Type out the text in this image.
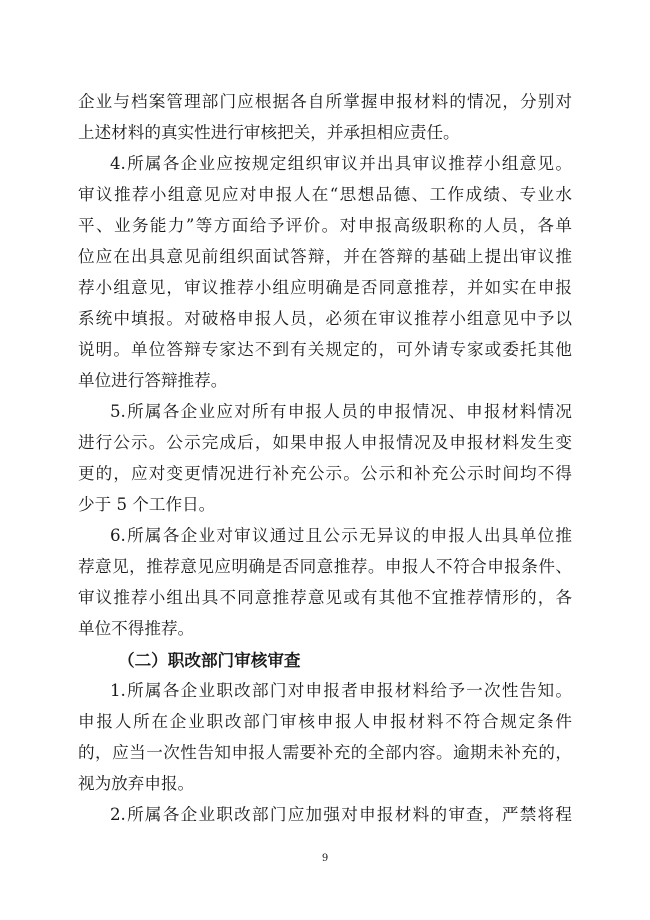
企业与档案管理部门应根据各自所掌握申报材料的情况，分别对
上述材料的真实性进行审核把关，并承担相应责任。
4.所属各企业应按规定组织审议并出具审议推荐小组意见。
审议推荐小组意见应对申报人在“思想品德、工作成绩、专业水
平、业务能力”等方面给予评价。对申报高级职称的人员，各单
位应在出具意见前组织面试答辩，并在答辩的基础上提出审议推
荐小组意见，审议推荐小组应明确是否同意推荐，并如实在申报
系统中填报。对破格申报人员，必须在审议推荐小组意见中予以
说明。单位答辩专家达不到有关规定的，可外请专家或委托其他
单位进行答辩推荐。
5.所属各企业应对所有申报人员的申报情况、申报材料情况
进行公示。公示完成后，如果申报人申报情况及申报材料发生变
更的，应对变更情况进行补充公示。公示和补充公示时间均不得
少于 5 个工作日。
6.所属各企业对审议通过且公示无异议的申报人出具单位推
荐意见，推荐意见应明确是否同意推荐。申报人不符合申报条件、
审议推荐小组出具不同意推荐意见或有其他不宜推荐情形的，各
单位不得推荐。
（二）职改部门审核审查
1.所属各企业职改部门对申报者申报材料给予一次性告知。
申报人所在企业职改部门审核申报人申报材料不符合规定条件
的，应当一次性告知申报人需要补充的全部内容。逾期未补充的，
视为放弃申报。
2.所属各企业职改部门应加强对申报材料的审查，严禁将程
9
